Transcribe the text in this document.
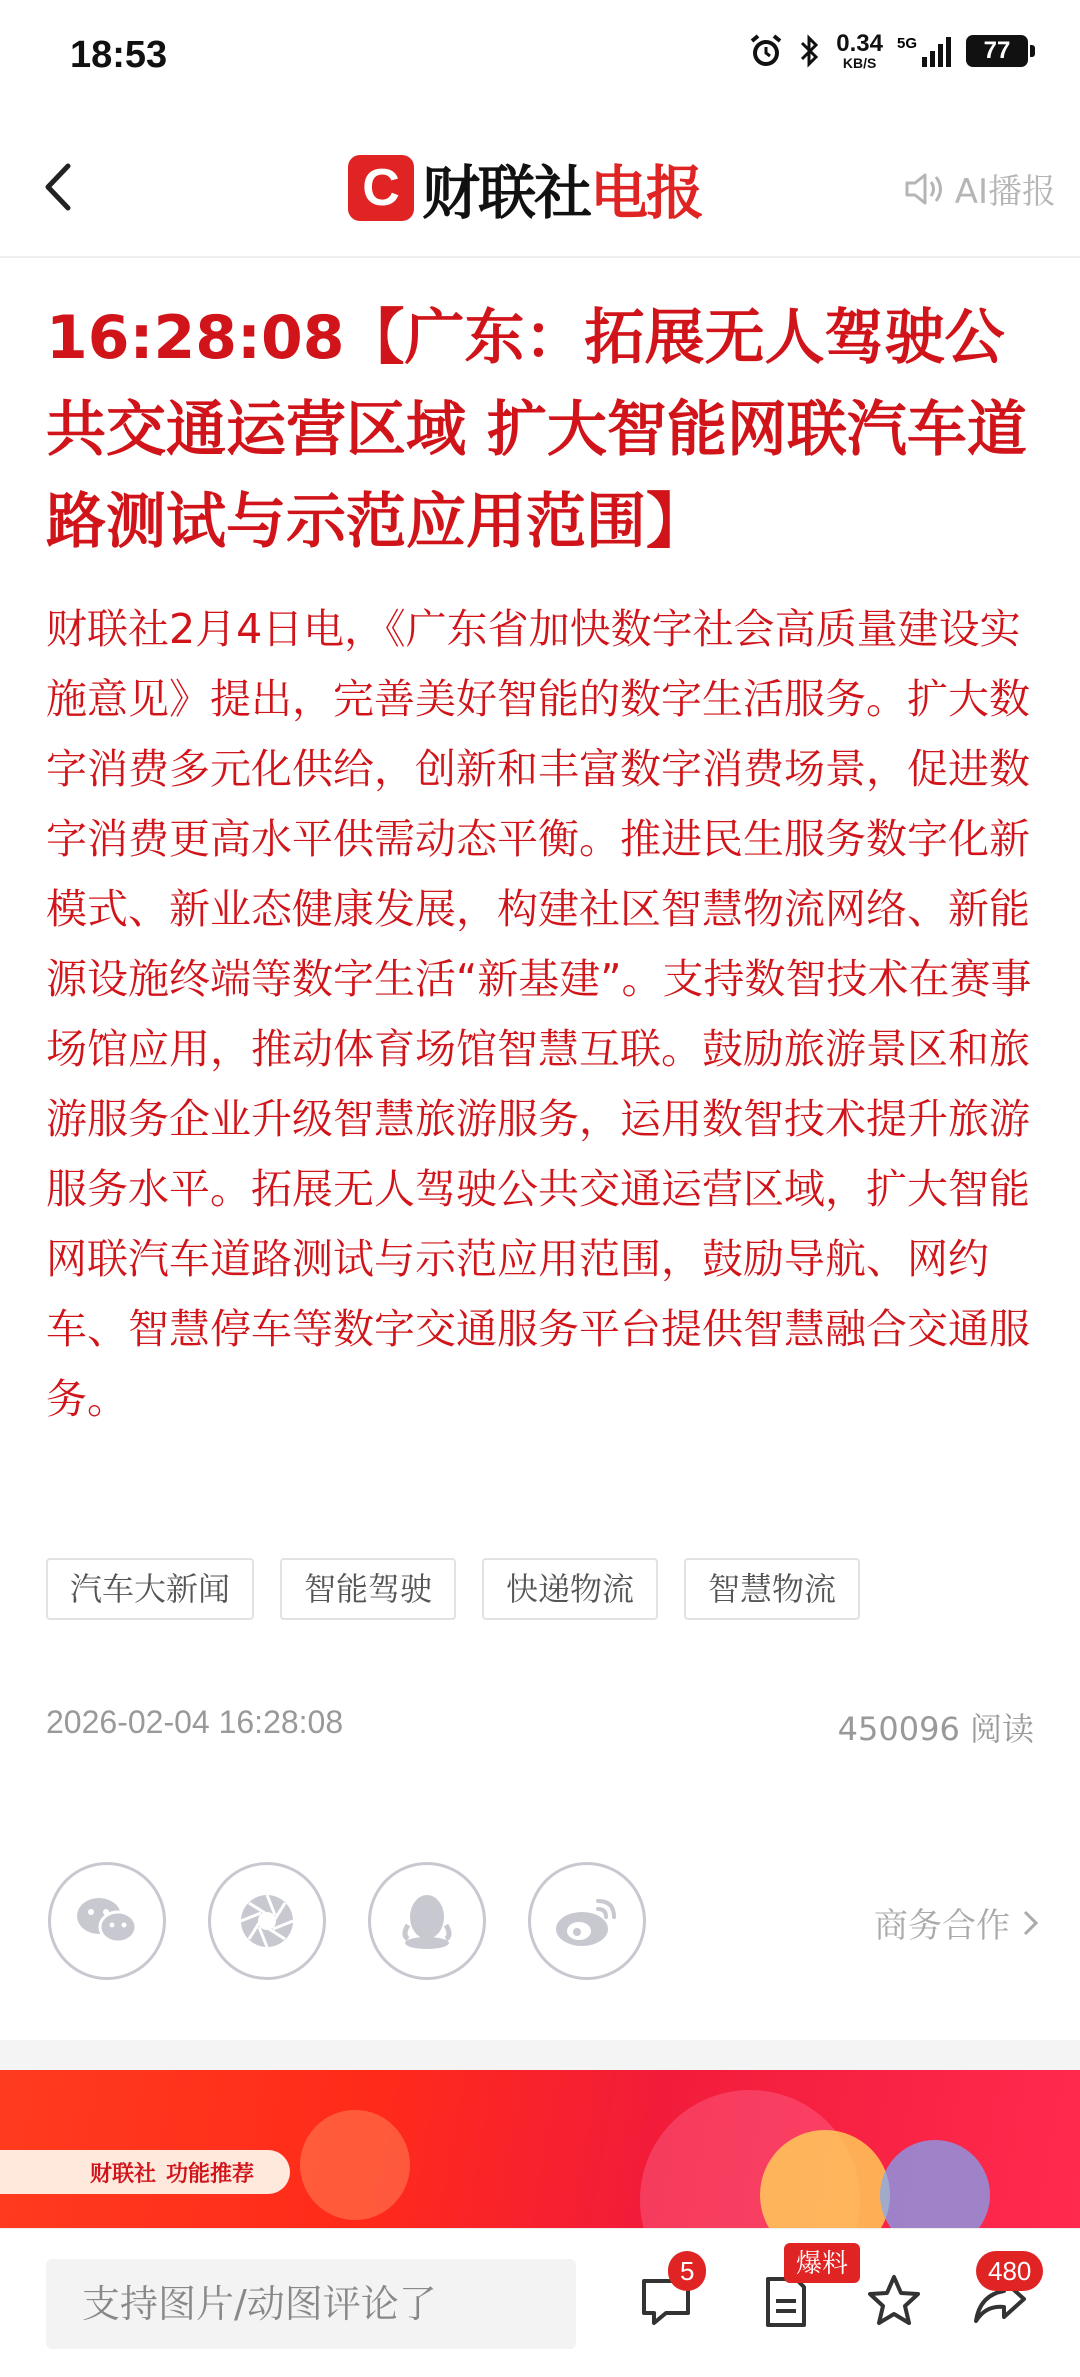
18:53	0.34
KB/S
5G	77
C 财联社电报	AI播报
16:28:08【广东：拓展无人驾驶公共交通运营区域 扩大智能网联汽车道路测试与示范应用范围】
财联社2月4日电，《广东省加快数字社会高质量建设实施意见》提出，完善美好智能的数字生活服务。扩大数字消费多元化供给，创新和丰富数字消费场景，促进数字消费更高水平供需动态平衡。推进民生服务数字化新模式、新业态健康发展，构建社区智慧物流网络、新能源设施终端等数字生活“新基建”。支持数智技术在赛事场馆应用，推动体育场馆智慧互联。鼓励旅游景区和旅游服务企业升级智慧旅游服务，运用数智技术提升旅游服务水平。拓展无人驾驶公共交通运营区域，扩大智能网联汽车道路测试与示范应用范围，鼓励导航、网约车、智慧停车等数字交通服务平台提供智慧融合交通服务。
汽车大新闻	智能驾驶	快递物流	智慧物流
2026-02-04 16:28:08	450096 阅读
商务合作
财联社 功能推荐
支持图片/动图评论了
5	爆料	480
